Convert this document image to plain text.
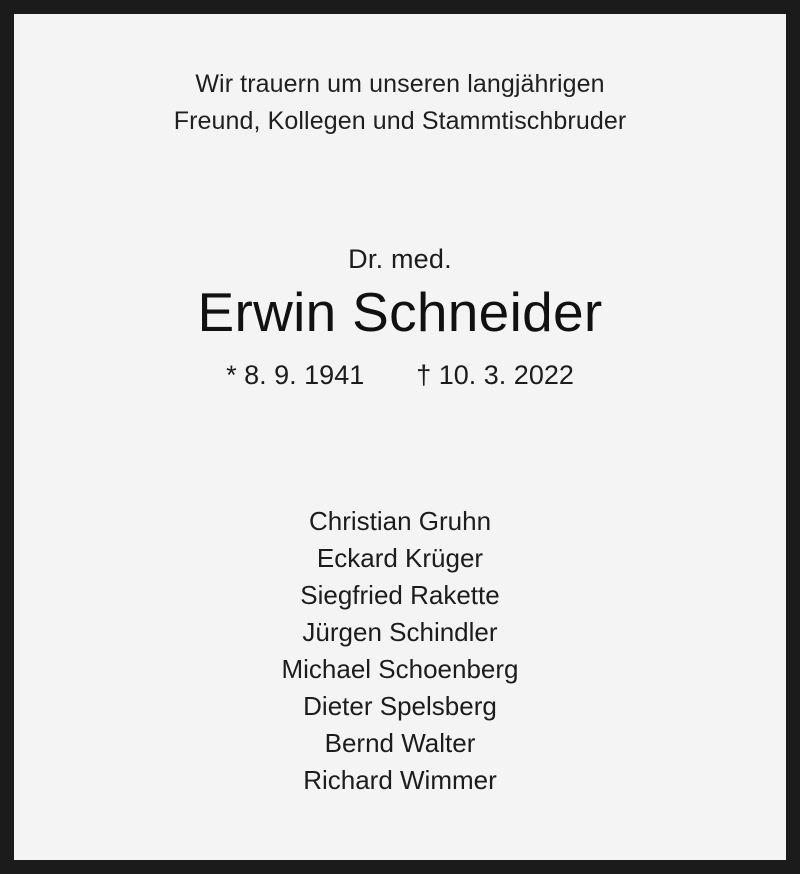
Wir trauern um unseren langjährigen
Freund, Kollegen und Stammtischbruder
Dr. med.
Erwin Schneider
* 8. 9. 1941 † 10. 3. 2022
Christian Gruhn
Eckard Krüger
Siegfried Rakette
Jürgen Schindler
Michael Schoenberg
Dieter Spelsberg
Bernd Walter
Richard Wimmer
